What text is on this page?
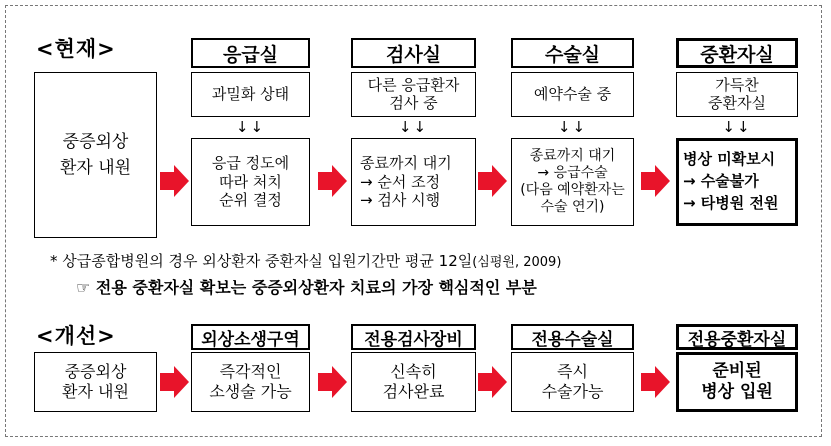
<현재>
중증외상
환자 내원
응급실
과밀화 상태
↓↓
응급 정도에
따라 처치
순위 결정
검사실
다른 응급환자
검사 중
↓↓
종료까지 대기
→ 순서 조정
→ 검사 시행
수술실
예약수술 중
↓↓
종료까지 대기
→ 응급수술
(다음 예약환자는
수술 연기)
중환자실
가득찬
중환자실
↓↓
병상 미확보시
→ 수술불가
→ 타병원 전원
* 상급종합병원의 경우 외상환자 중환자실 입원기간만 평균 12일(심평원, 2009)
☞ 전용 중환자실 확보는 중증외상환자 치료의 가장 핵심적인 부분
<개선>
중증외상
환자 내원
외상소생구역
즉각적인
소생술 가능
전용검사장비
신속히
검사완료
전용수술실
즉시
수술가능
전용중환자실
준비된
병상 입원
